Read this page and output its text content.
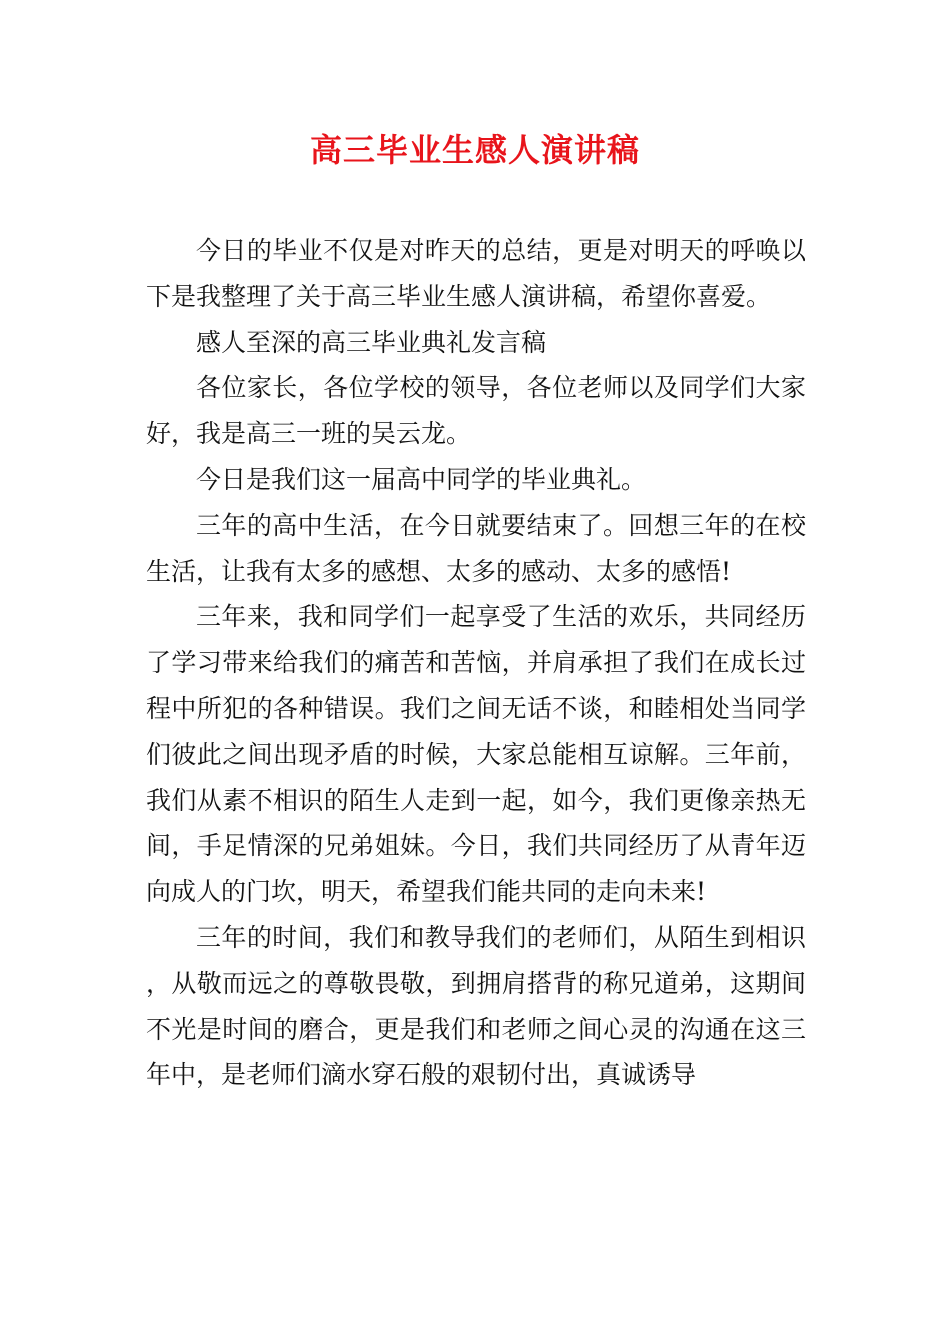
高三毕业生感人演讲稿

今日的毕业不仅是对昨天的总结，更是对明天的呼唤以下是我整理了关于高三毕业生感人演讲稿，希望你喜爱。

感人至深的高三毕业典礼发言稿

各位家长，各位学校的领导，各位老师以及同学们大家好，我是高三一班的吴云龙。

今日是我们这一届高中同学的毕业典礼。

三年的高中生活，在今日就要结束了。回想三年的在校生活，让我有太多的感想、太多的感动、太多的感悟!

三年来，我和同学们一起享受了生活的欢乐，共同经历了学习带来给我们的痛苦和苦恼，并肩承担了我们在成长过程中所犯的各种错误。我们之间无话不谈，和睦相处当同学们彼此之间出现矛盾的时候，大家总能相互谅解。三年前，我们从素不相识的陌生人走到一起，如今，我们更像亲热无间，手足情深的兄弟姐妹。今日，我们共同经历了从青年迈向成人的门坎，明天，希望我们能共同的走向未来!

三年的时间，我们和教导我们的老师们，从陌生到相识，从敬而远之的尊敬畏敬，到拥肩搭背的称兄道弟，这期间不光是时间的磨合，更是我们和老师之间心灵的沟通在这三年中，是老师们滴水穿石般的艰韧付出，真诚诱导
